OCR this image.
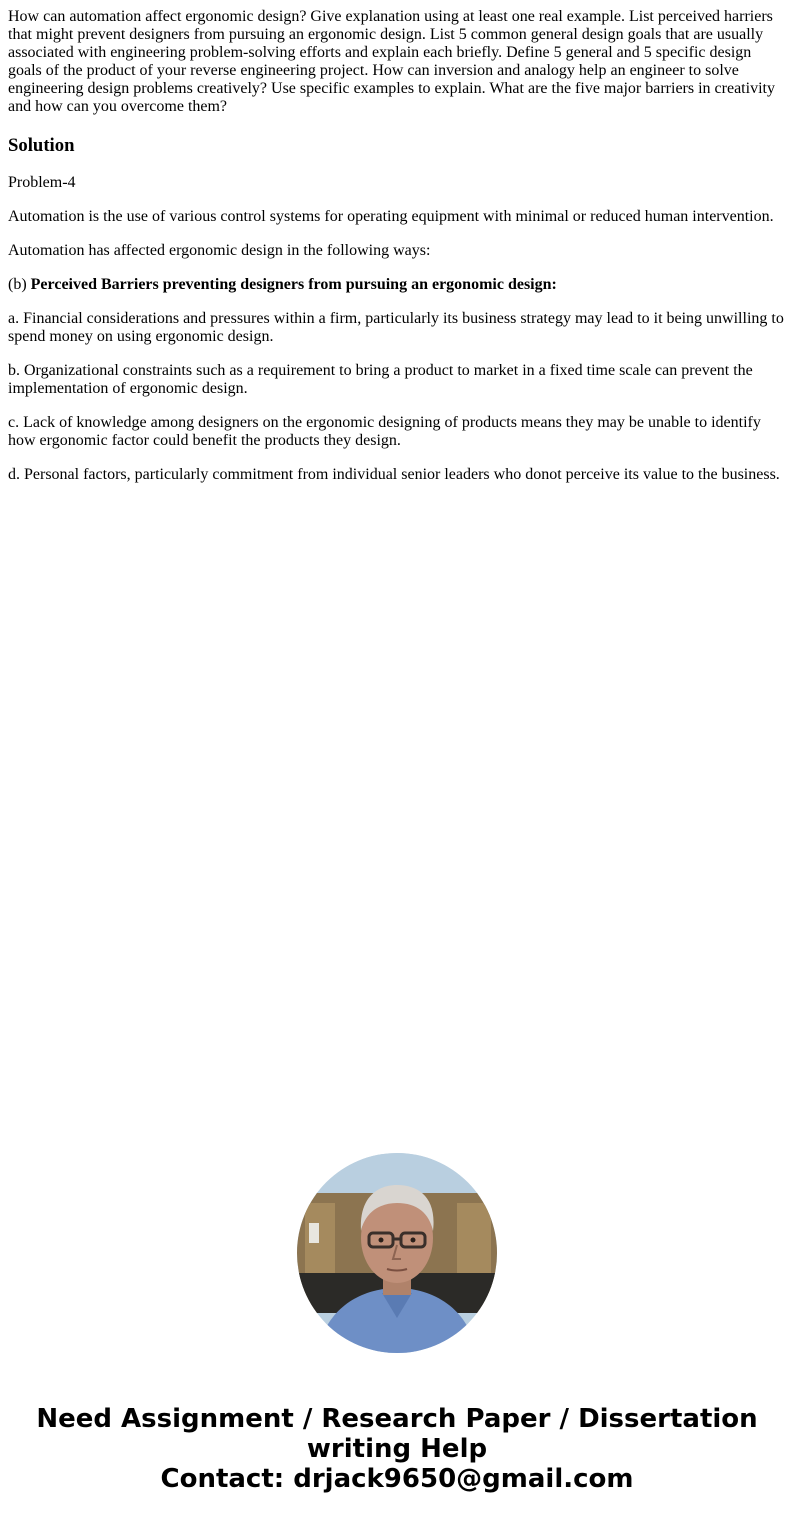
How can automation affect ergonomic design? Give explanation using at least one real example. List perceived harriers that might prevent designers from pursuing an ergonomic design. List 5 common general design goals that are usually associated with engineering problem-solving efforts and explain each briefly. Define 5 general and 5 specific design goals of the product of your reverse engineering project. How can inversion and analogy help an engineer to solve engineering design problems creatively? Use specific examples to explain. What are the five major barriers in creativity and how can you overcome them?

Solution

Problem-4

Automation is the use of various control systems for operating equipment with minimal or reduced human intervention.

Automation has affected ergonomic design in the following ways:

(b) Perceived Barriers preventing designers from pursuing an ergonomic design:

a. Financial considerations and pressures within a firm, particularly its business strategy may lead to it being unwilling to spend money on using ergonomic design.

b. Organizational constraints such as a requirement to bring a product to market in a fixed time scale can prevent the implementation of ergonomic design.

c. Lack of knowledge among designers on the ergonomic designing of products means they may be unable to identify how ergonomic factor could benefit the products they design.

d. Personal factors, particularly commitment from individual senior leaders who donot perceive its value to the business.

Need Assignment / Research Paper / Dissertation
writing Help
Contact: drjack9650@gmail.com
